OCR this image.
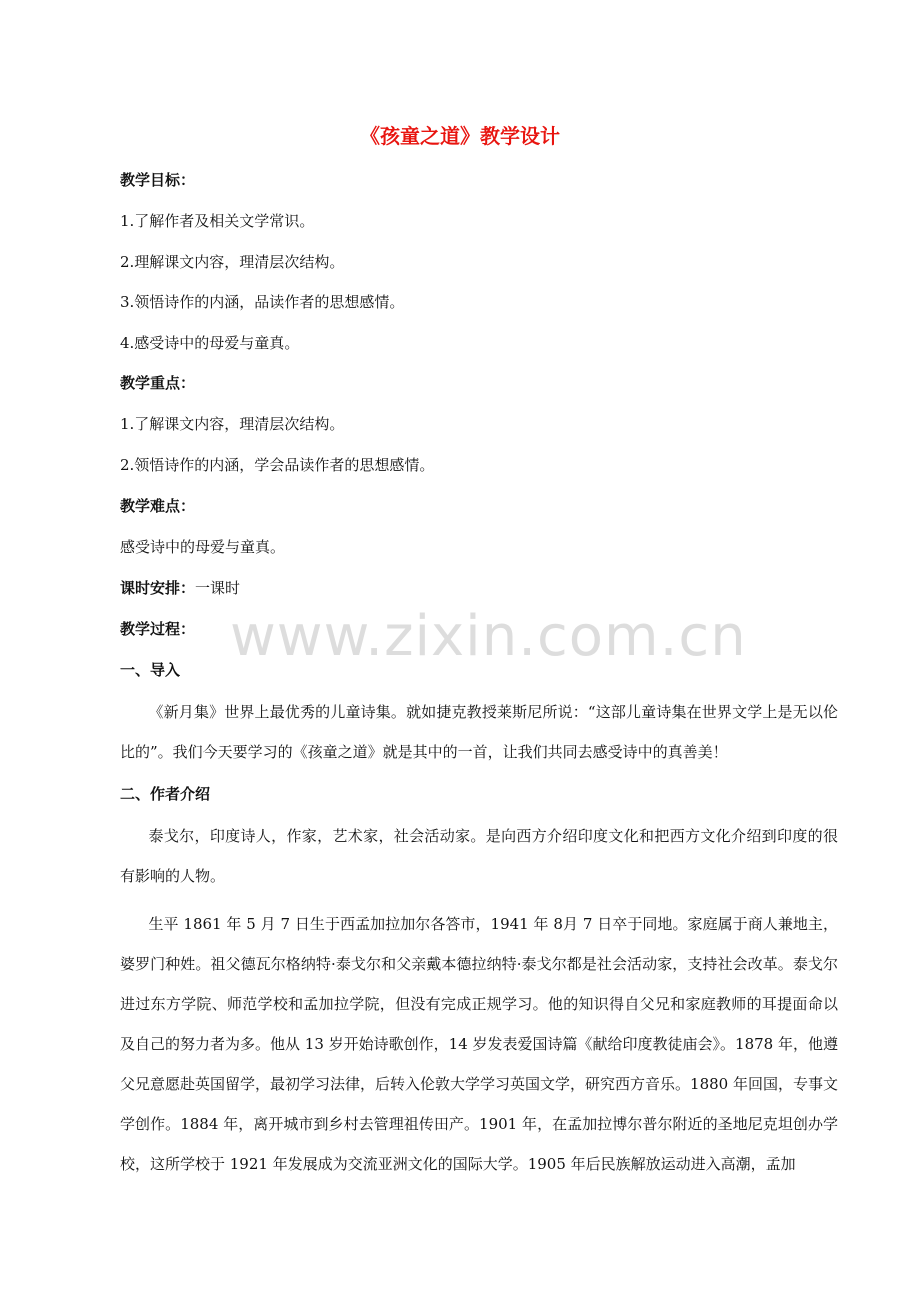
《孩童之道》教学设计
教学目标：
1.了解作者及相关文学常识。
2.理解课文内容，理清层次结构。
3.领悟诗作的内涵，品读作者的思想感情。
4.感受诗中的母爱与童真。
教学重点：
1.了解课文内容，理清层次结构。
2.领悟诗作的内涵，学会品读作者的思想感情。
教学难点：
感受诗中的母爱与童真。
课时安排：一课时
教学过程：
一、导入
《新月集》世界上最优秀的儿童诗集。就如捷克教授莱斯尼所说：“这部儿童诗集在世界文学上是无以伦比的”。我们今天要学习的《孩童之道》就是其中的一首，让我们共同去感受诗中的真善美！
二、作者介绍
泰戈尔，印度诗人，作家，艺术家，社会活动家。是向西方介绍印度文化和把西方文化介绍到印度的很有影响的人物。
生平 1861 年 5 月 7 日生于西孟加拉加尔各答市，1941 年 8月 7 日卒于同地。家庭属于商人兼地主，婆罗门种姓。祖父德瓦尔格纳特·泰戈尔和父亲戴本德拉纳特·泰戈尔都是社会活动家，支持社会改革。泰戈尔进过东方学院、师范学校和孟加拉学院，但没有完成正规学习。他的知识得自父兄和家庭教师的耳提面命以及自己的努力者为多。他从 13 岁开始诗歌创作，14 岁发表爱国诗篇《献给印度教徒庙会》。1878 年，他遵父兄意愿赴英国留学，最初学习法律，后转入伦敦大学学习英国文学，研究西方音乐。1880 年回国，专事文学创作。1884 年，离开城市到乡村去管理祖传田产。1901 年，在孟加拉博尔普尔附近的圣地尼克坦创办学校，这所学校于 1921 年发展成为交流亚洲文化的国际大学。1905 年后民族解放运动进入高潮，孟加
www.zixin.com.cn
